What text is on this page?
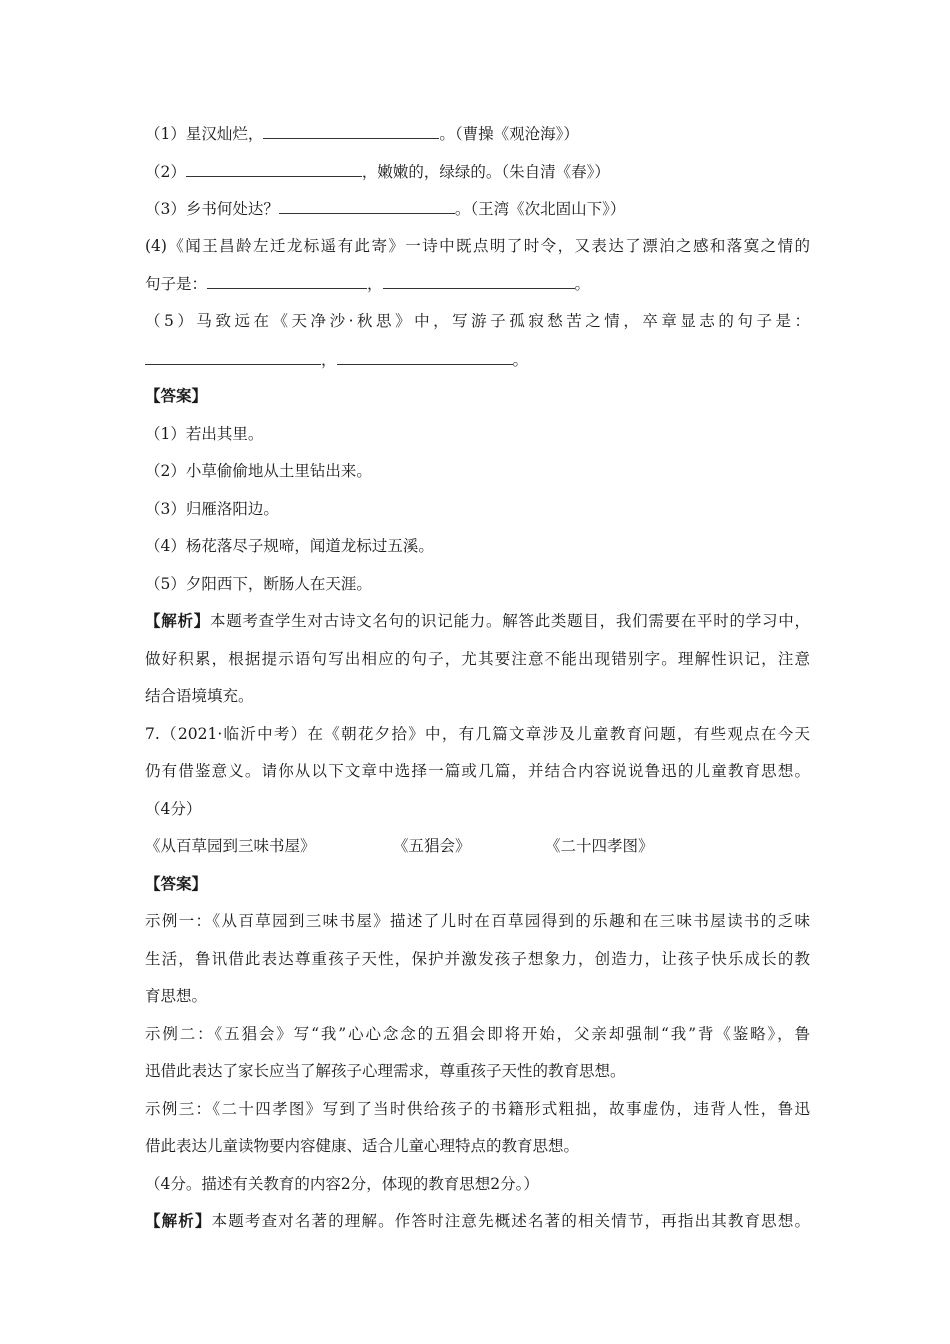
（1）星汉灿烂，	。（曹操《观沧海》）
（2）	，嫩嫩的，绿绿的。（朱自清《春》）
（3）乡书何处达？	。（王湾《次北固山下》）
(4)《闻王昌龄左迁龙标遥有此寄》一诗中既点明了时令，又表达了漂泊之感和落寞之情的
句子是：	，	。
（5）马致远在《天净沙·秋思》中，写游子孤寂愁苦之情，卒章显志的句子是：
，	。
【答案】
（1）若出其里。
（2）小草偷偷地从土里钻出来。
（3）归雁洛阳边。
（4）杨花落尽子规啼，闻道龙标过五溪。
（5）夕阳西下，断肠人在天涯。
【解析】本题考查学生对古诗文名句的识记能力。解答此类题目，我们需要在平时的学习中，
做好积累，根据提示语句写出相应的句子，尤其要注意不能出现错别字。理解性识记，注意
结合语境填充。
7.（2021·临沂中考）在《朝花夕拾》中，有几篇文章涉及儿童教育问题，有些观点在今天
仍有借鉴意义。请你从以下文章中选择一篇或几篇，并结合内容说说鲁迅的儿童教育思想。
（4分）
《从百草园到三味书屋》	《五猖会》	《二十四孝图》
【答案】
示例一：《从百草园到三味书屋》描述了儿时在百草园得到的乐趣和在三味书屋读书的乏味
生活，鲁讯借此表达尊重孩子天性，保护并激发孩子想象力，创造力，让孩子快乐成长的教
育思想。
示例二：《五猖会》写“我”心心念念的五猖会即将开始，父亲却强制“我”背《鉴略》，鲁
迅借此表达了家长应当了解孩子心理需求，尊重孩子天性的教育思想。
示例三：《二十四孝图》写到了当时供给孩子的书籍形式粗拙，故事虚伪，违背人性，鲁迅
借此表达儿童读物要内容健康、适合儿童心理特点的教育思想。
（4分。描述有关教育的内容2分，体现的教育思想2分。）
【解析】本题考查对名著的理解。作答时注意先概述名著的相关情节，再指出其教育思想。
